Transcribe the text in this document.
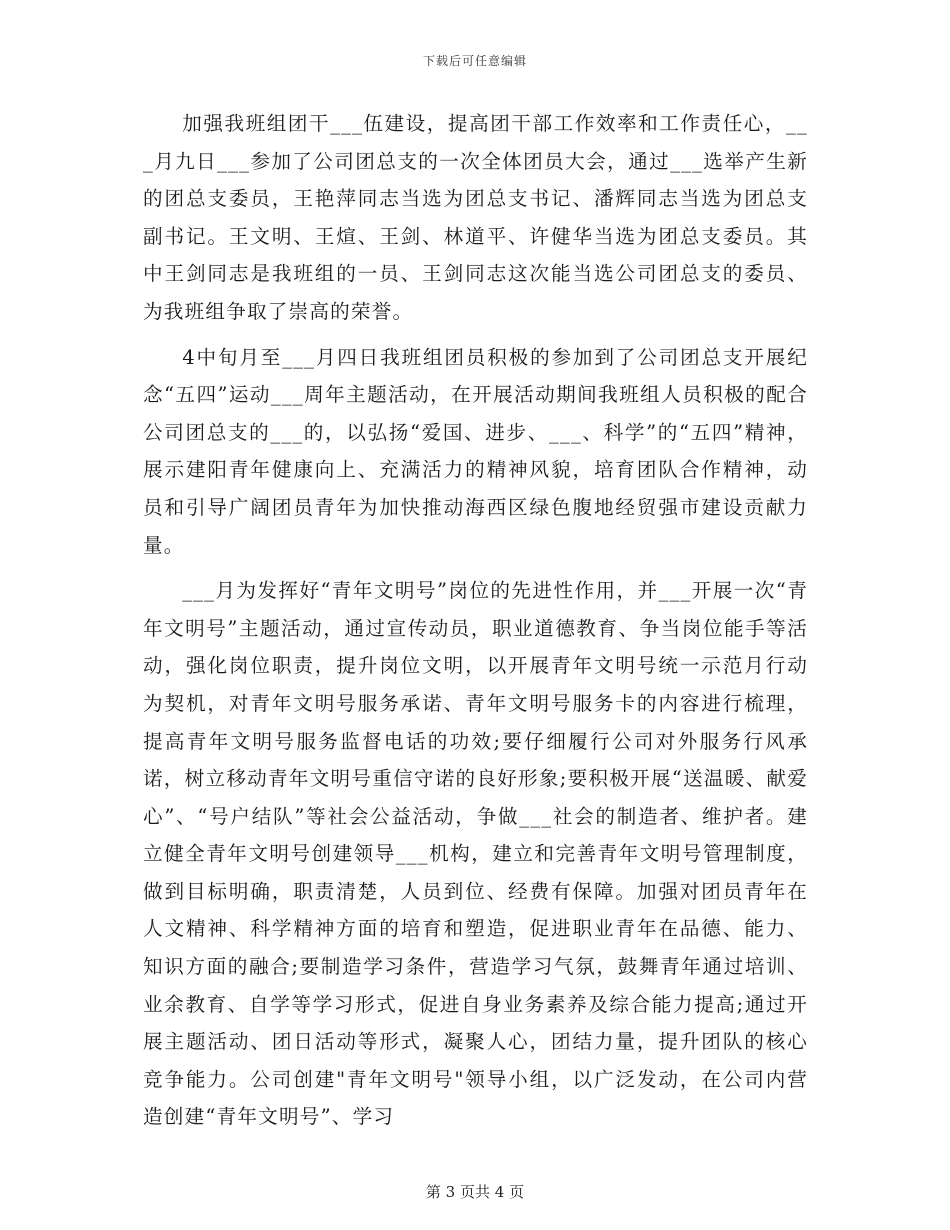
下载后可任意编辑

加强我班组团干___伍建设，提高团干部工作效率和工作责任心，___月九日___参加了公司团总支的一次全体团员大会，通过___选举产生新的团总支委员，王艳萍同志当选为团总支书记、潘辉同志当选为团总支副书记。王文明、王煊、王剑、林道平、许健华当选为团总支委员。其中王剑同志是我班组的一员、王剑同志这次能当选公司团总支的委员、为我班组争取了崇高的荣誉。

4中旬月至___月四日我班组团员积极的参加到了公司团总支开展纪念“五四”运动___周年主题活动，在开展活动期间我班组人员积极的配合公司团总支的___的，以弘扬“爱国、进步、___、科学”的“五四”精神，展示建阳青年健康向上、充满活力的精神风貌，培育团队合作精神，动员和引导广阔团员青年为加快推动海西区绿色腹地经贸强市建设贡献力量。

___月为发挥好“青年文明号”岗位的先进性作用，并___开展一次“青年文明号”主题活动，通过宣传动员，职业道德教育、争当岗位能手等活动，强化岗位职责，提升岗位文明，以开展青年文明号统一示范月行动为契机，对青年文明号服务承诺、青年文明号服务卡的内容进行梳理，提高青年文明号服务监督电话的功效;要仔细履行公司对外服务行风承诺，树立移动青年文明号重信守诺的良好形象;要积极开展“送温暖、献爱心”、“号户结队”等社会公益活动，争做___社会的制造者、维护者。建立健全青年文明号创建领导___机构，建立和完善青年文明号管理制度，做到目标明确，职责清楚，人员到位、经费有保障。加强对团员青年在人文精神、科学精神方面的培育和塑造，促进职业青年在品德、能力、知识方面的融合;要制造学习条件，营造学习气氛，鼓舞青年通过培训、业余教育、自学等学习形式，促进自身业务素养及综合能力提高;通过开展主题活动、团日活动等形式，凝聚人心，团结力量，提升团队的核心竞争能力。公司创建"青年文明号"领导小组，以广泛发动，在公司内营造创建“青年文明号”、学习

第 3 页共 4 页
